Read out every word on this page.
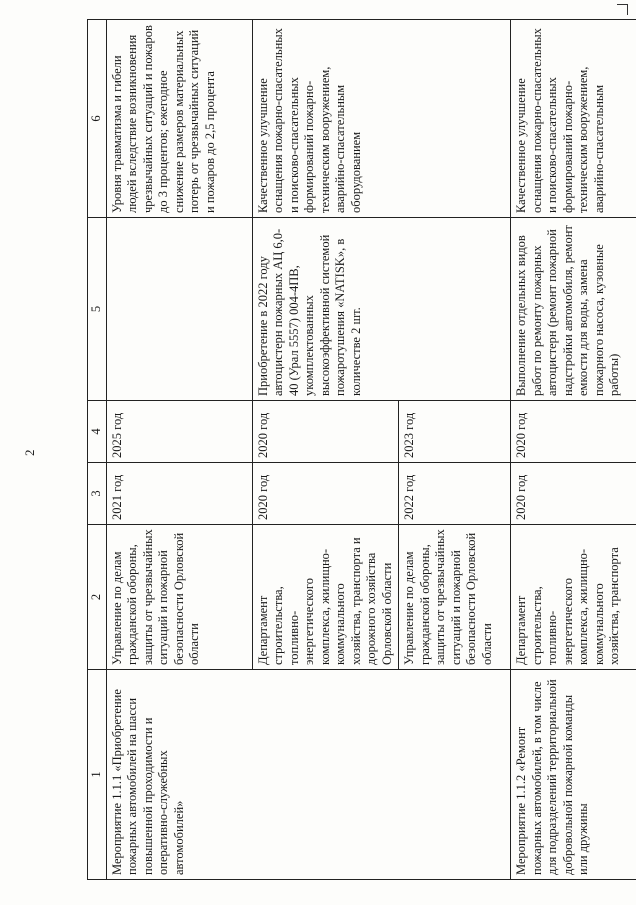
2
1	2	3	4	5	6
Мероприятие 1.1.1 «Приобретение пожарных автомобилей на шасси повышенной проходимости и оперативно-служебных автомобилей»	Управление по делам гражданской обороны, защиты от чрезвычайных ситуаций и пожарной безопасности Орловской области	2021 год	2025 год		Уровня травматизма и гибели людей вследствие возникновения чрезвычайных ситуаций и пожаров до 3 процентов; ежегодное снижение размеров материальных потерь от чрезвычайных ситуаций и пожаров до 2,5 процента
	Департамент строительства, топливно-энергетического комплекса, жилищно-коммунального хозяйства, транспорта и дорожного хозяйства Орловской области	2020 год	2020 год	Приобретение в 2022 году автоцистерн пожарных АЦ 6,0-40 (Урал 5557) 004-4ПВ, укомплектованных высокоэффективной системой пожаротушения «NATISK», в количестве 2 шт.	Качественное улучшение оснащения пожарно-спасательных и поисково-спасательных формирований пожарно-техническим вооружением, аварийно-спасательным оборудованием
	Управление по делам гражданской обороны, защиты от чрезвычайных ситуаций и пожарной безопасности Орловской области	2022 год	2023 год		
Мероприятие 1.1.2 «Ремонт пожарных автомобилей, в том числе для подразделений территориальной добровольной пожарной команды или дружины	Департамент строительства, топливно-энергетического комплекса, жилищно-коммунального хозяйства, транспорта	2020 год	2020 год	Выполнение отдельных видов работ по ремонту пожарных автоцистерн (ремонт пожарной надстройки автомобиля, ремонт емкости для воды, замена пожарного насоса, кузовные работы)	Качественное улучшение оснащения пожарно-спасательных и поисково-спасательных формирований пожарно-техническим вооружением, аварийно-спасательным
